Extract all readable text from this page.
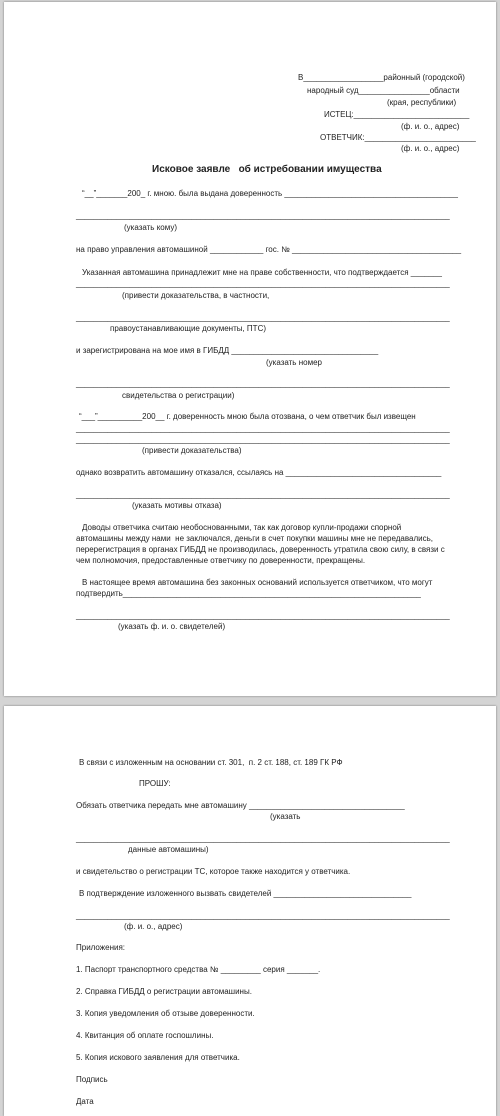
В__________________районный (городской)
народный суд________________области
(края, республики)
ИСТЕЦ:__________________________
(ф. и. о., адрес)
ОТВЕТЧИК:_________________________
(ф. и. о., адрес)
Исковое заявле   об истребовании имущества
“__”_______200_ г. мною. была выдана доверенность _______________________________________
____________________________________________________________________________________
(указать кому)
на право управления автомашиной ____________ гос. № ______________________________________
Указанная автомашина принадлежит мне на праве собственности, что подтверждается _______
____________________________________________________________________________________
(привести доказательства, в частности,
____________________________________________________________________________________
правоустанавливающие документы, ПТС)
и зарегистрирована на мое имя в ГИБДД _________________________________
(указать номер
____________________________________________________________________________________
свидетельства о регистрации)
“___”__________200__ г. доверенность мною была отозвана, о чем ответчик был извещен
____________________________________________________________________________________
____________________________________________________________________________________
(привести доказательства)
однако возвратить автомашину отказался, ссылаясь на ___________________________________
____________________________________________________________________________________
(указать мотивы отказа)
Доводы ответчика считаю необоснованными, так как договор купли-продажи спорной
автомашины между нами  не заключался, деньги в счет покупки машины мне не передавались,
перерегистрация в органах ГИБДД не производилась, доверенность утратила свою силу, в связи с
чем полномочия, предоставленные ответчику по доверенности, прекращены.
В настоящее время автомашина без законных оснований используется ответчиком, что могут
подтвердить___________________________________________________________________
____________________________________________________________________________________
(указать ф. и. о. свидетелей)
В связи с изложенным на основании ст. 301,  п. 2 ст. 188, ст. 189 ГК РФ
ПРОШУ:
Обязать ответчика передать мне автомашину ___________________________________
(указать
____________________________________________________________________________________
данные автомашины)
и свидетельство о регистрации ТС, которое также находится у ответчика.
В подтверждение изложенного вызвать свидетелей _______________________________
____________________________________________________________________________________
(ф. и. о., адрес)
Приложения:
1. Паспорт транспортного средства № _________ серия _______.
2. Справка ГИБДД о регистрации автомашины.
3. Копия уведомления об отзыве доверенности.
4. Квитанция об оплате госпошлины.
5. Копия искового заявления для ответчика.
Подпись
Дата
